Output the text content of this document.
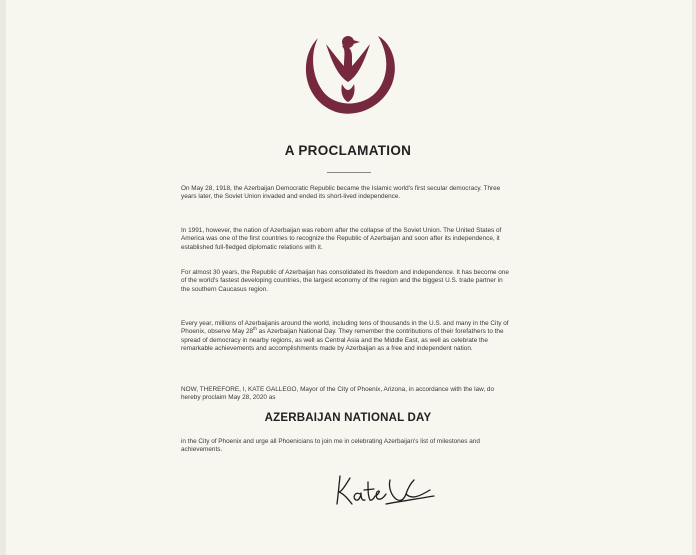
A PROCLAMATION

On May 28, 1918, the Azerbaijan Democratic Republic became the Islamic world's first secular democracy. Three years later, the Soviet Union invaded and ended its short-lived independence.

In 1991, however, the nation of Azerbaijan was reborn after the collapse of the Soviet Union. The United States of America was one of the first countries to recognize the Republic of Azerbaijan and soon after its independence, it established full-fledged diplomatic relations with it.

For almost 30 years, the Republic of Azerbaijan has consolidated its freedom and independence. It has become one of the world's fastest developing countries, the largest economy of the region and the biggest U.S. trade partner in the southern Caucasus region.

Every year, millions of Azerbaijanis around the world, including tens of thousands in the U.S. and many in the City of Phoenix, observe May 28th as Azerbaijan National Day. They remember the contributions of their forefathers to the spread of democracy in nearby regions, as well as Central Asia and the Middle East, as well as celebrate the remarkable achievements and accomplishments made by Azerbaijan as a free and independent nation.

NOW, THEREFORE, I, KATE GALLEGO, Mayor of the City of Phoenix, Arizona, in accordance with the law, do hereby proclaim May 28, 2020 as

AZERBAIJAN NATIONAL DAY

in the City of Phoenix and urge all Phoenicians to join me in celebrating Azerbaijan's list of milestones and achievements.
